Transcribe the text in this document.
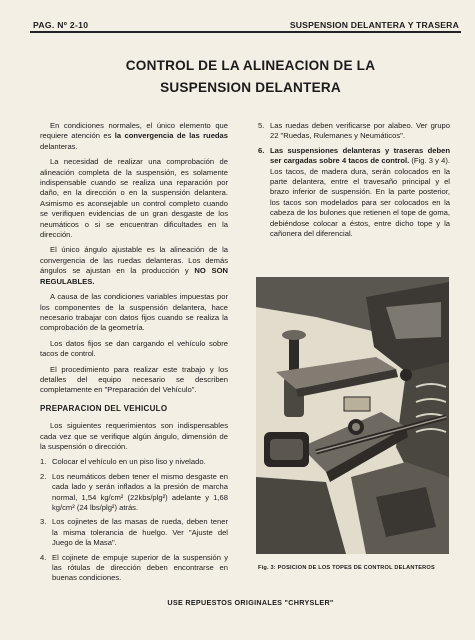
PAG. Nº 2-10	SUSPENSION DELANTERA Y TRASERA
CONTROL DE LA ALINEACION DE LA
SUSPENSION DELANTERA

En condiciones normales, el único elemento que requiere atención es la convergencia de las ruedas delanteras.

La necesidad de realizar una comprobación de alineación completa de la suspensión, es solamente indispensable cuando se realiza una reparación por daño, en la dirección o en la suspensión delantera. Asimismo es aconsejable un control completo cuando se verifiquen evidencias de un gran desgaste de los neumáticos o si se encuentran dificultades en la dirección.

El único ángulo ajustable es la alineación de la convergencia de las ruedas delanteras. Los demás ángulos se ajustan en la producción y NO SON REGULABLES.

A causa de las condiciones variables impuestas por los componentes de la suspensión delantera, hace necesario trabajar con datos fijos cuando se realiza la comprobación de la geometría.

Los datos fijos se dan cargando el vehículo sobre tacos de control.

El procedimiento para realizar este trabajo y los detalles del equipo necesario se describen completamente en "Preparación del Vehículo".

PREPARACION DEL VEHICULO

Los siguientes requerimientos son indispensables cada vez que se verifique algún ángulo, dimensión de la suspensión o dirección.

1. Colocar el vehículo en un piso liso y nivelado.
2. Los neumáticos deben tener el mismo desgaste en cada lado y serán inflados a la presión de marcha normal, 1,54 kg/cm² (22kbs/plg²) adelante y 1,68 kg/cm² (24 lbs/plg²) atrás.
3. Los cojinetes de las masas de rueda, deben tener la misma tolerancia de huelgo. Ver "Ajuste del Juego de la Masa".
4. El cojinete de empuje superior de la suspensión y las rótulas de dirección deben encontrarse en buenas condiciones.
5. Las ruedas deben verificarse por alabeo. Ver grupo 22 "Ruedas, Rulemanes y Neumáticos".
6. Las suspensiones delanteras y traseras deben ser cargadas sobre 4 tacos de control. (Fig. 3 y 4). Los tacos, de madera dura, serán colocados en la parte delantera, entre el travesaño principal y el brazo inferior de suspensión. En la parte posterior, los tacos son modelados para ser colocados en la cabeza de los bulones que retienen el tope de goma, debiéndose colocar a éstos, entre dicho tope y la cañonera del diferencial.
Fig. 3: POSICION DE LOS TOPES DE CONTROL DELANTEROS
USE REPUESTOS ORIGINALES "CHRYSLER"
